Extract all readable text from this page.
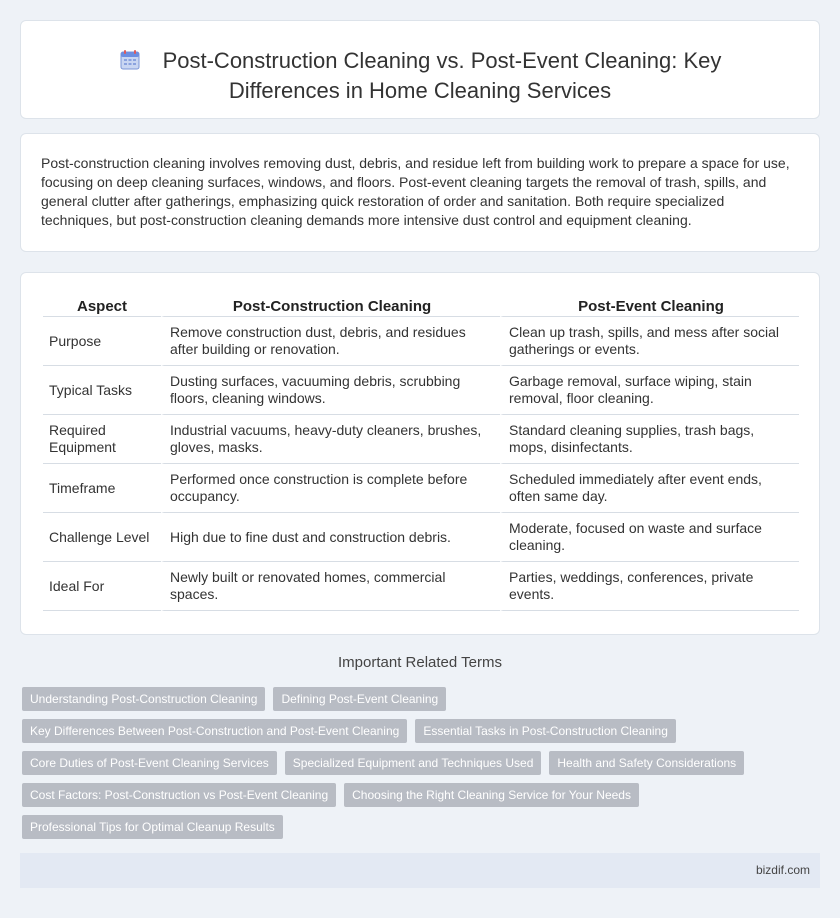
Post-Construction Cleaning vs. Post-Event Cleaning: Key
Differences in Home Cleaning Services

Post-construction cleaning involves removing dust, debris, and residue left from building work to prepare a space for use, focusing on deep cleaning surfaces, windows, and floors. Post-event cleaning targets the removal of trash, spills, and general clutter after gatherings, emphasizing quick restoration of order and sanitation. Both require specialized techniques, but post-construction cleaning demands more intensive dust control and equipment cleaning.

Aspect	Post-Construction Cleaning	Post-Event Cleaning
Purpose	Remove construction dust, debris, and residues after building or renovation.	Clean up trash, spills, and mess after social gatherings or events.
Typical Tasks	Dusting surfaces, vacuuming debris, scrubbing floors, cleaning windows.	Garbage removal, surface wiping, stain removal, floor cleaning.
Required Equipment	Industrial vacuums, heavy-duty cleaners, brushes, gloves, masks.	Standard cleaning supplies, trash bags, mops, disinfectants.
Timeframe	Performed once construction is complete before occupancy.	Scheduled immediately after event ends, often same day.
Challenge Level	High due to fine dust and construction debris.	Moderate, focused on waste and surface cleaning.
Ideal For	Newly built or renovated homes, commercial spaces.	Parties, weddings, conferences, private events.
Important Related Terms
Understanding Post-Construction Cleaning Defining Post-Event Cleaning
Key Differences Between Post-Construction and Post-Event Cleaning Essential Tasks in Post-Construction Cleaning
Core Duties of Post-Event Cleaning Services Specialized Equipment and Techniques Used Health and Safety Considerations
Cost Factors: Post-Construction vs Post-Event Cleaning Choosing the Right Cleaning Service for Your Needs
Professional Tips for Optimal Cleanup Results
bizdif.com
